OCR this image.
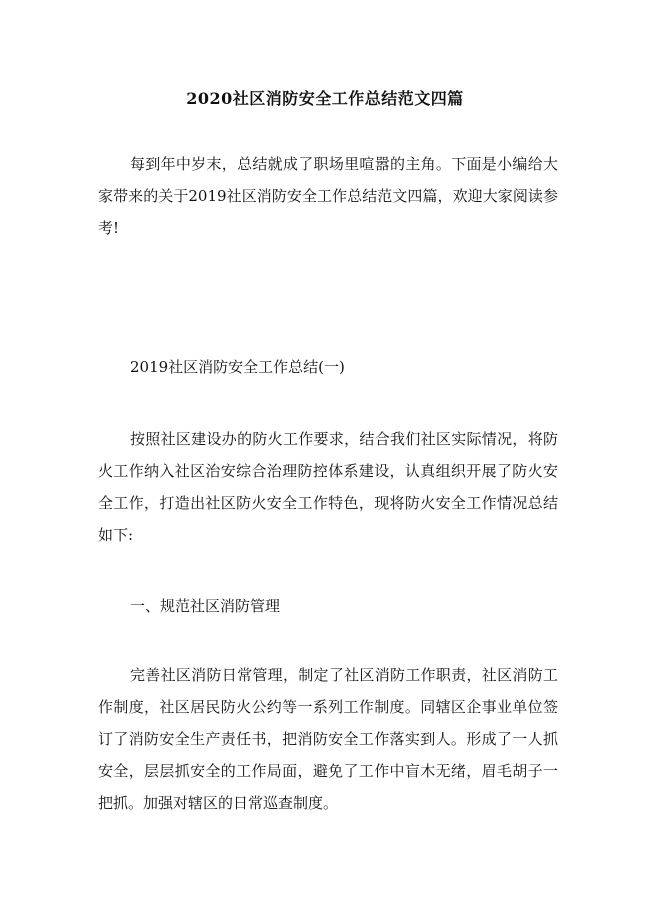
2020社区消防安全工作总结范文四篇

每到年中岁末，总结就成了职场里喧嚣的主角。下面是小编给大家带来的关于2019社区消防安全工作总结范文四篇，欢迎大家阅读参考!

2019社区消防安全工作总结(一)

按照社区建设办的防火工作要求，结合我们社区实际情况，将防火工作纳入社区治安综合治理防控体系建设，认真组织开展了防火安全工作，打造出社区防火安全工作特色，现将防火安全工作情况总结如下:

一、规范社区消防管理

完善社区消防日常管理，制定了社区消防工作职责，社区消防工作制度，社区居民防火公约等一系列工作制度。同辖区企事业单位签订了消防安全生产责任书，把消防安全工作落实到人。形成了一人抓安全，层层抓安全的工作局面，避免了工作中盲木无绪，眉毛胡子一把抓。加强对辖区的日常巡查制度。
